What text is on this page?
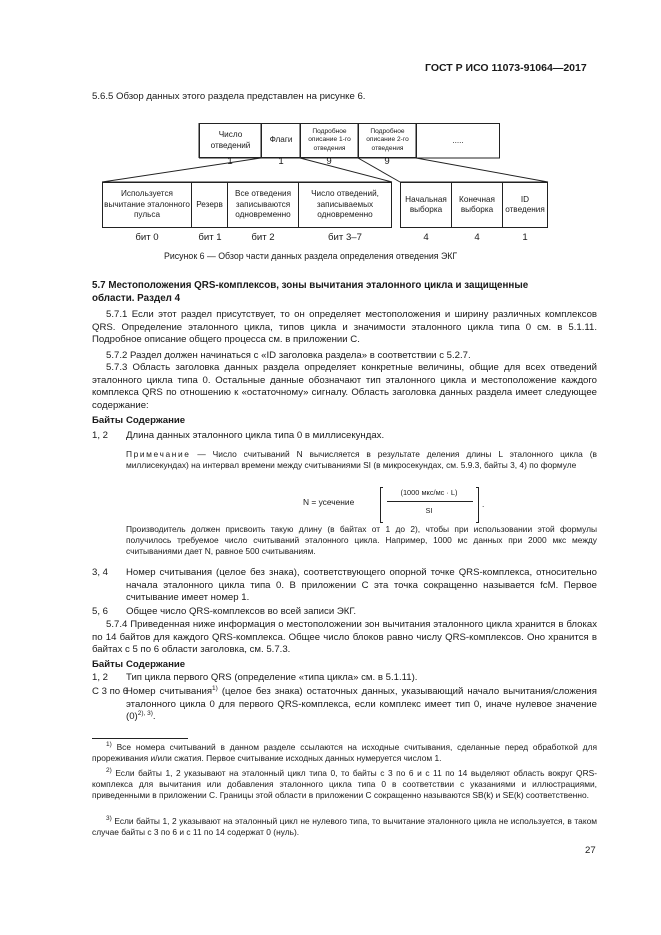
ГОСТ Р ИСО 11073-91064—2017
5.6.5 Обзор данных этого раздела представлен на рисунке 6.
Число отведений
Флаги
Подробное описание 1-го отведения
Подробное описание 2-го отведения
.....
1	1	9	9
Используется вычитание эталонного пульса
Резерв
Все отведения записываются одновременно
Число отведений, записываемых одновременно
Начальная выборка
Конечная выборка
ID отведения
бит 0	бит 1	бит 2	бит 3–7	4	4	1
Рисунок 6 — Обзор части данных раздела определения отведения ЭКГ
5.7 Местоположения QRS-комплексов, зоны вычитания эталонного цикла и защищенные
области. Раздел 4
5.7.1 Если этот раздел присутствует, то он определяет местоположения и ширину различных комплексов QRS. Определение эталонного цикла, типов цикла и значимости эталонного цикла типа 0 см. в 5.1.11. Подробное описание общего процесса см. в приложении С.
5.7.2 Раздел должен начинаться с «ID заголовка раздела» в соответствии с 5.2.7.
5.7.3 Область заголовка данных раздела определяет конкретные величины, общие для всех отведений эталонного цикла типа 0. Остальные данные обозначают тип эталонного цикла и местоположение каждого комплекса QRS по отношению к «остаточному» сигналу. Область заголовка данных раздела имеет следующее содержание:
Байты Содержание
1, 2 Длина данных эталонного цикла типа 0 в миллисекундах.
Примечание — Число считываний N вычисляется в результате деления длины L эталонного цикла (в миллисекундах) на интервал времени между считываниями SI (в микросекундах, см. 5.9.3, байты 3, 4) по формуле
N = усечение
(1000 мкс/мс · L)
SI
.
Производитель должен присвоить такую длину (в байтах от 1 до 2), чтобы при использовании этой формулы получилось требуемое число считываний эталонного цикла. Например, 1000 мс данных при 2000 мкс между считываниями дает N, равное 500 считываниям.
3, 4 Номер считывания (целое без знака), соответствующего опорной точке QRS-комплекса, относительно начала эталонного цикла типа 0. В приложении С эта точка сокращенно называется fcM. Первое считывание имеет номер 1.
5, 6 Общее число QRS-комплексов во всей записи ЭКГ.
5.7.4 Приведенная ниже информация о местоположении зон вычитания эталонного цикла хранится в блоках по 14 байтов для каждого QRS-комплекса. Общее число блоков равно числу QRS-комплексов. Оно хранится в байтах с 5 по 6 области заголовка, см. 5.7.3.
Байты Содержание
1, 2 Тип цикла первого QRS (определение «типа цикла» см. в 5.1.11).
С 3 по 6
Номер считывания$^{1)}$ (целое без знака) остаточных данных, указывающий начало вычитания/сложения эталонного цикла 0 для первого QRS-комплекса, если комплекс имеет тип 0, иначе нулевое значение $(0)^{2), 3)}$.
$^{1)}$ Все номера считываний в данном разделе ссылаются на исходные считывания, сделанные перед обработкой для прореживания и/или сжатия. Первое считывание исходных данных нумеруется числом 1.
$^{2)}$ Если байты 1, 2 указывают на эталонный цикл типа 0, то байты с 3 по 6 и с 11 по 14 выделяют область вокруг QRS-комплекса для вычитания или добавления эталонного цикла типа 0 в соответствии с указаниями и иллюстрациями, приведенными в приложении С. Границы этой области в приложении С сокращенно называются SB(k) и SE(k) соответственно.
$^{3)}$ Если байты 1, 2 указывают на эталонный цикл не нулевого типа, то вычитание эталонного цикла не используется, в таком случае байты с 3 по 6 и с 11 по 14 содержат 0 (нуль).
27
